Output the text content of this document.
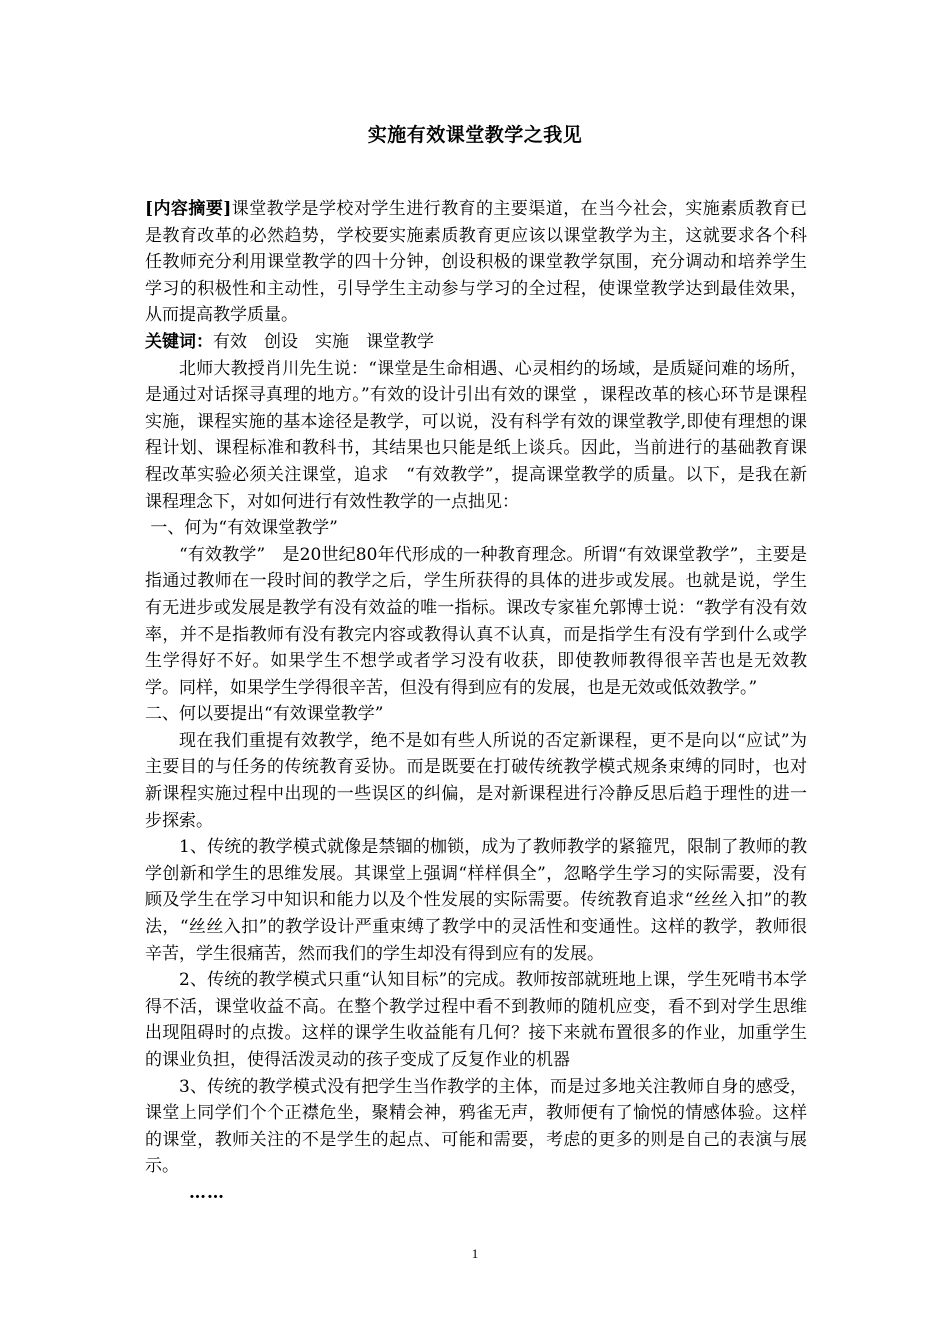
实施有效课堂教学之我见

[内容摘要]课堂教学是学校对学生进行教育的主要渠道，在当今社会，实施素质教育已是教育改革的必然趋势，学校要实施素质教育更应该以课堂教学为主，这就要求各个科任教师充分利用课堂教学的四十分钟，创设积极的课堂教学氛围，充分调动和培养学生学习的积极性和主动性，引导学生主动参与学习的全过程，使课堂教学达到最佳效果，从而提高教学质量。

关键词：有效　创设　实施　课堂教学

北师大教授肖川先生说：“课堂是生命相遇、心灵相约的场域，是质疑问难的场所，是通过对话探寻真理的地方。”有效的设计引出有效的课堂 ，课程改革的核心环节是课程实施，课程实施的基本途径是教学，可以说，没有科学有效的课堂教学,即使有理想的课程计划、课程标准和教科书，其结果也只能是纸上谈兵。因此，当前进行的基础教育课程改革实验必须关注课堂，追求　“有效教学”，提高课堂教学的质量。以下，是我在新课程理念下，对如何进行有效性教学的一点拙见：

一、何为“有效课堂教学”

“有效教学”　是20世纪80年代形成的一种教育理念。所谓“有效课堂教学”，主要是指通过教师在一段时间的教学之后，学生所获得的具体的进步或发展。也就是说，学生有无进步或发展是教学有没有效益的唯一指标。课改专家崔允郭博士说：“教学有没有效率，并不是指教师有没有教完内容或教得认真不认真，而是指学生有没有学到什么或学生学得好不好。如果学生不想学或者学习没有收获，即使教师教得很辛苦也是无效教学。同样，如果学生学得很辛苦，但没有得到应有的发展，也是无效或低效教学。”

二、何以要提出“有效课堂教学”

现在我们重提有效教学，绝不是如有些人所说的否定新课程，更不是向以“应试”为主要目的与任务的传统教育妥协。而是既要在打破传统教学模式规条束缚的同时，也对新课程实施过程中出现的一些误区的纠偏，是对新课程进行冷静反思后趋于理性的进一步探索。

1、传统的教学模式就像是禁锢的枷锁，成为了教师教学的紧箍咒，限制了教师的教学创新和学生的思维发展。其课堂上强调“样样俱全”，忽略学生学习的实际需要，没有顾及学生在学习中知识和能力以及个性发展的实际需要。传统教育追求“丝丝入扣”的教法，“丝丝入扣”的教学设计严重束缚了教学中的灵活性和变通性。这样的教学，教师很辛苦，学生很痛苦，然而我们的学生却没有得到应有的发展。

2、传统的教学模式只重“认知目标”的完成。教师按部就班地上课，学生死啃书本学得不活，课堂收益不高。在整个教学过程中看不到教师的随机应变，看不到对学生思维出现阻碍时的点拨。这样的课学生收益能有几何？接下来就布置很多的作业，加重学生的课业负担，使得活泼灵动的孩子变成了反复作业的机器

3、传统的教学模式没有把学生当作教学的主体，而是过多地关注教师自身的感受，课堂上同学们个个正襟危坐，聚精会神，鸦雀无声，教师便有了愉悦的情感体验。这样的课堂，教师关注的不是学生的起点、可能和需要，考虑的更多的则是自己的表演与展示。

……

1
